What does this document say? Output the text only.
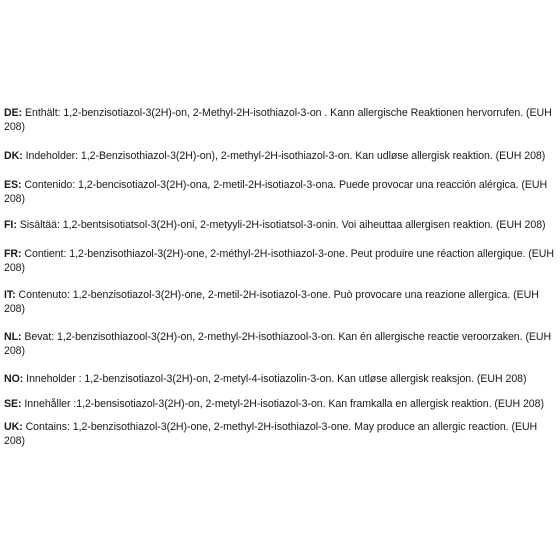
DE: Enthält: 1,2-benzisotiazol-3(2H)-on, 2-Methyl-2H-isothiazol-3-on . Kann allergische Reaktionen hervorrufen. (EUH 208)

DK: Indeholder: 1,2-Benzisothiazol-3(2H)-on), 2-methyl-2H-isothiazol-3-on. Kan udløse allergisk reaktion. (EUH 208)

ES: Contenido: 1,2-bencisotiazol-3(2H)-ona, 2-metil-2H-isotiazol-3-ona. Puede provocar una reacción alérgica. (EUH 208)

FI: Sisältää: 1,2-bentsisotiatsol-3(2H)-oni, 2-metyyli-2H-isotiatsol-3-onin. Voi aiheuttaa allergisen reaktion. (EUH 208)

FR: Contient: 1,2-benzisothiazol-3(2H)-one, 2-méthyl-2H-isothiazol-3-one. Peut produire une réaction allergique. (EUH 208)

IT: Contenuto: 1,2-benzisotiazol-3(2H)-one, 2-metil-2H-isotiazol-3-one. Può provocare una reazione allergica. (EUH 208)

NL: Bevat: 1,2-benzisothiazool-3(2H)-on, 2-methyl-2H-isothiazool-3-on. Kan én allergische reactie veroorzaken. (EUH 208)

NO: Inneholder : 1,2-benzisotiazol-3(2H)-on, 2-metyl-4-isotiazolin-3-on. Kan utløse allergisk reaksjon. (EUH 208)

SE: Innehåller :1,2-bensisotiazol-3(2H)-on, 2-metyl-2H-isotiazol-3-on. Kan framkalla en allergisk reaktion. (EUH 208)

UK: Contains: 1,2-benzisothiazol-3(2H)-one, 2-methyl-2H-isothiazol-3-one. May produce an allergic reaction. (EUH 208)
